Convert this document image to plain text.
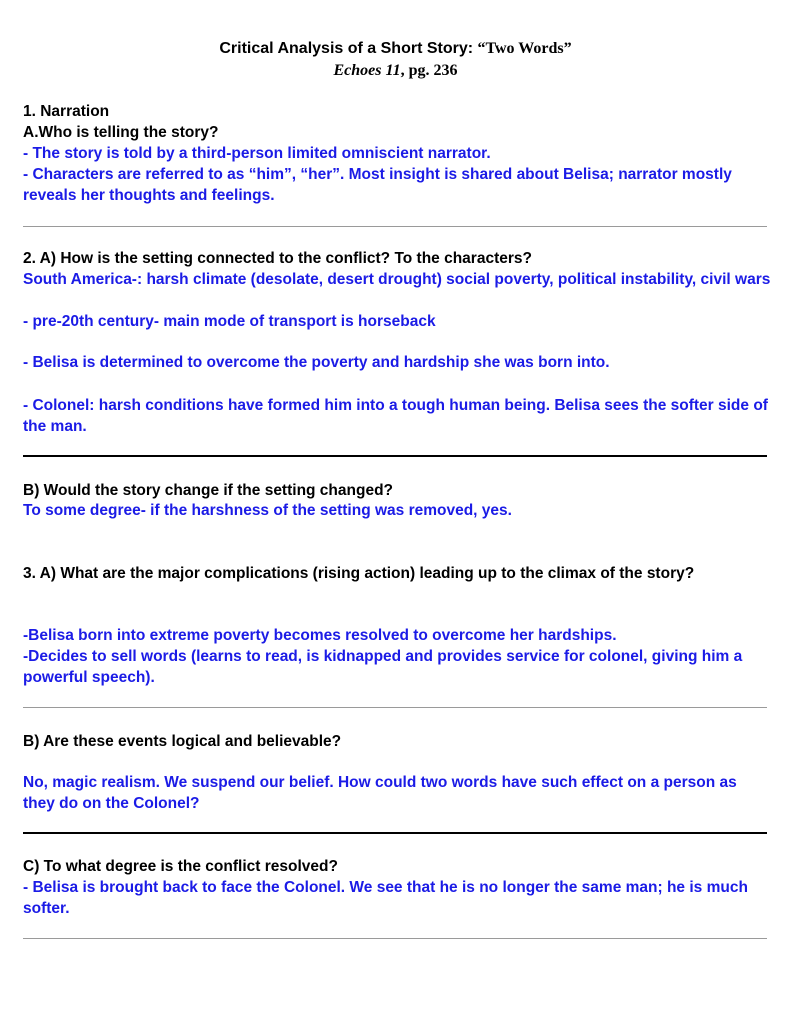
Critical Analysis of a Short Story: “Two Words”
Echoes 11, pg. 236
1. Narration
A.Who is telling the story?
- The story is told by a third-person limited omniscient narrator.
- Characters are referred to as “him”, “her”. Most insight is shared about Belisa; narrator mostly reveals her thoughts and feelings.
2. A) How is the setting connected to the conflict? To the characters?
South America-: harsh climate (desolate, desert drought) social poverty, political instability, civil wars
- pre-20th century- main mode of transport is horseback
- Belisa is determined to overcome the poverty and hardship she was born into.
- Colonel: harsh conditions have formed him into a tough human being. Belisa sees the softer side of the man.
B) Would the story change if the setting changed?
To some degree- if the harshness of the setting was removed, yes.
3. A) What are the major complications (rising action) leading up to the climax of the story?
-Belisa born into extreme poverty becomes resolved to overcome her hardships.
-Decides to sell words (learns to read, is kidnapped and provides service for colonel, giving him a powerful speech).
B) Are these events logical and believable?
No, magic realism. We suspend our belief. How could two words have such effect on a person as they do on the Colonel?
C) To what degree is the conflict resolved?
- Belisa is brought back to face the Colonel. We see that he is no longer the same man; he is much softer.
